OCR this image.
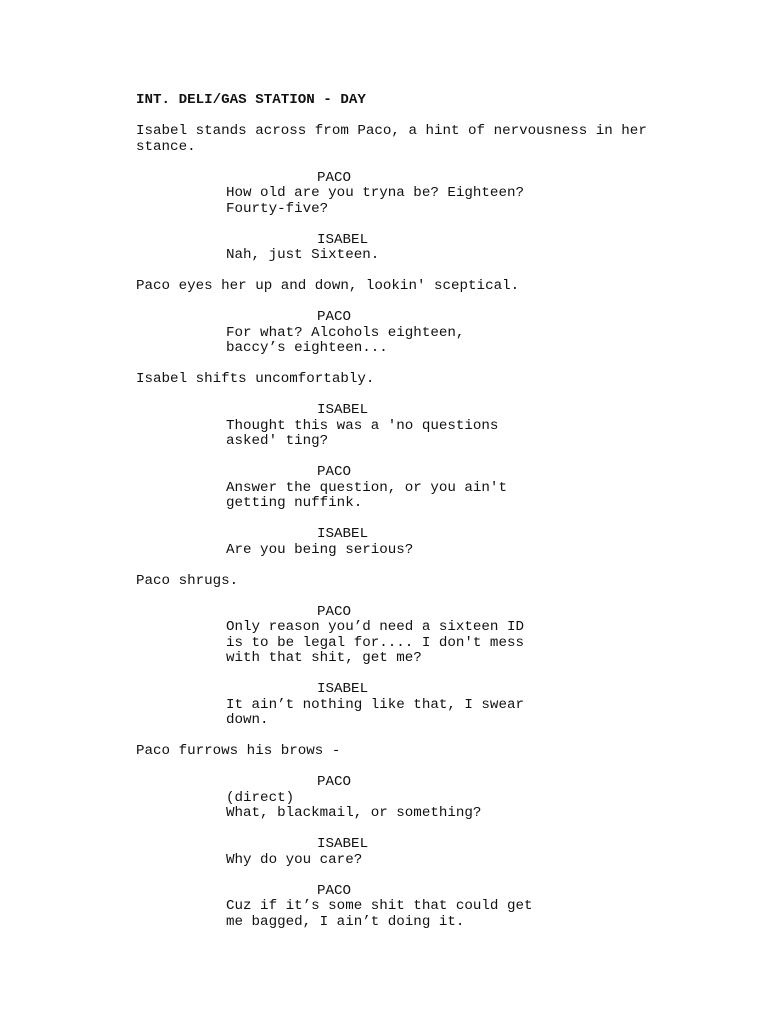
INT. DELI/GAS STATION - DAY
Isabel stands across from Paco, a hint of nervousness in her
stance.
PACO
How old are you tryna be? Eighteen?
Fourty-five?
ISABEL
Nah, just Sixteen.
Paco eyes her up and down, lookin' sceptical.
PACO
For what? Alcohols eighteen,
baccy’s eighteen...
Isabel shifts uncomfortably.
ISABEL
Thought this was a 'no questions
asked' ting?
PACO
Answer the question, or you ain't
getting nuffink.
ISABEL
Are you being serious?
Paco shrugs.
PACO
Only reason you’d need a sixteen ID
is to be legal for.... I don't mess
with that shit, get me?
ISABEL
It ain’t nothing like that, I swear
down.
Paco furrows his brows -
PACO
(direct)
What, blackmail, or something?
ISABEL
Why do you care?
PACO
Cuz if it’s some shit that could get
me bagged, I ain’t doing it.
